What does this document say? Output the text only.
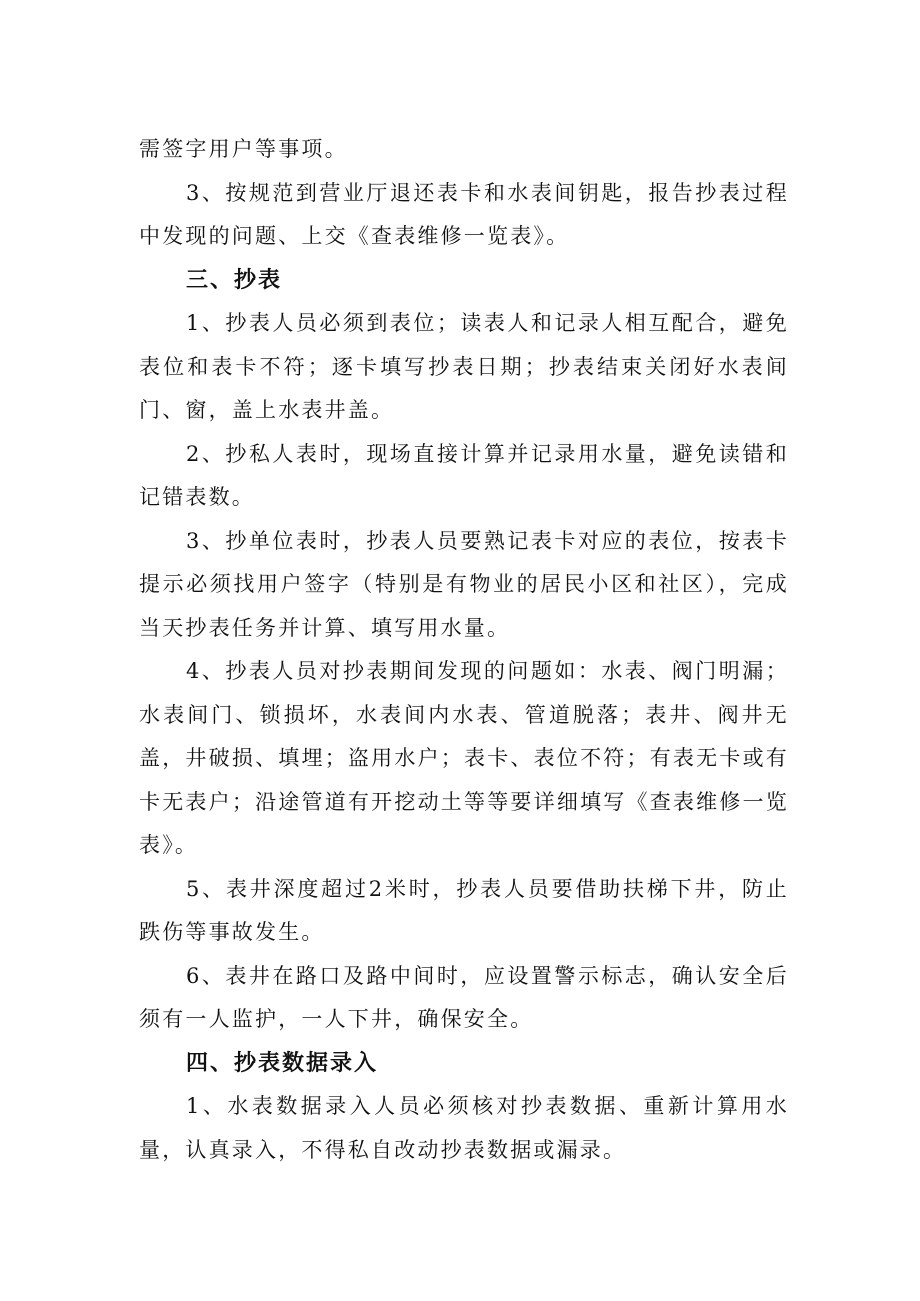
需签字用户等事项。

3、按规范到营业厅退还表卡和水表间钥匙，报告抄表过程中发现的问题、上交《查表维修一览表》。

三、抄表

1、抄表人员必须到表位；读表人和记录人相互配合，避免表位和表卡不符；逐卡填写抄表日期；抄表结束关闭好水表间门、窗，盖上水表井盖。

2、抄私人表时，现场直接计算并记录用水量，避免读错和记错表数。

3、抄单位表时，抄表人员要熟记表卡对应的表位，按表卡提示必须找用户签字（特别是有物业的居民小区和社区），完成当天抄表任务并计算、填写用水量。

4、抄表人员对抄表期间发现的问题如：水表、阀门明漏；水表间门、锁损坏，水表间内水表、管道脱落；表井、阀井无盖，井破损、填埋；盗用水户；表卡、表位不符；有表无卡或有卡无表户；沿途管道有开挖动土等等要详细填写《查表维修一览表》。

5、表井深度超过2米时，抄表人员要借助扶梯下井，防止跌伤等事故发生。

6、表井在路口及路中间时，应设置警示标志，确认安全后须有一人监护，一人下井，确保安全。

四、抄表数据录入

1、水表数据录入人员必须核对抄表数据、重新计算用水量，认真录入，不得私自改动抄表数据或漏录。
